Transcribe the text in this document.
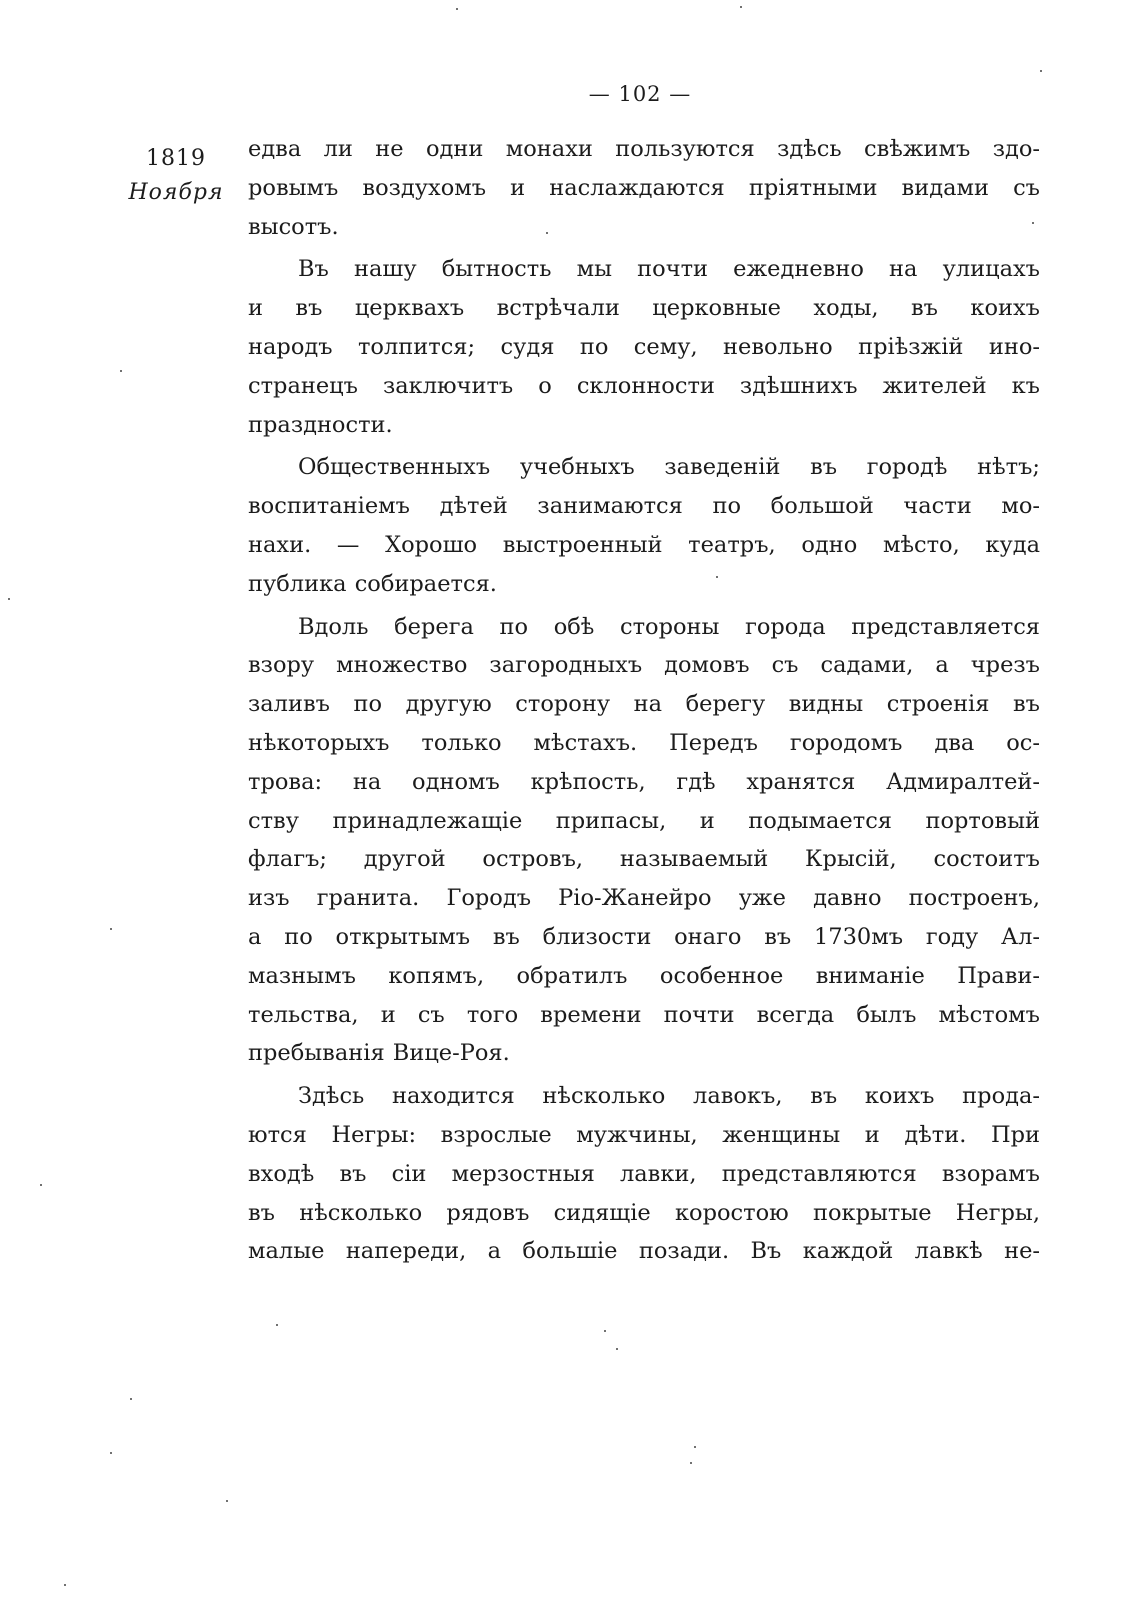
— 102 —
1819
Ноября
едва ли не одни монахи пользуются здѣсь свѣжимъ здо-
ровымъ воздухомъ и наслаждаются пріятными видами съ
высотъ.
Въ нашу бытность мы почти ежедневно на улицахъ
и въ церквахъ встрѣчали церковные ходы, въ коихъ
народъ толпится; судя по сему, невольно пріѣзжій ино-
странецъ заключитъ о склонности здѣшнихъ жителей къ
праздности.
Общественныхъ учебныхъ заведеній въ городѣ нѣтъ;
воспитаніемъ дѣтей занимаются по большой части мо-
нахи. — Хорошо выстроенный театръ, одно мѣсто, куда
публика собирается.
Вдоль берега по обѣ стороны города представляется
взору множество загородныхъ домовъ съ садами, а чрезъ
заливъ по другую сторону на берегу видны строенія въ
нѣкоторыхъ только мѣстахъ. Передъ городомъ два ос-
трова: на одномъ крѣпость, гдѣ хранятся Адмиралтей-
ству принадлежащіе припасы, и подымается портовый
флагъ; другой островъ, называемый Крысій, состоитъ
изъ гранита. Городъ Ріо-Жанейро уже давно построенъ,
а по открытымъ въ близости онаго въ 1730мъ году Ал-
мазнымъ копямъ, обратилъ особенное вниманіе Прави-
тельства, и съ того времени почти всегда былъ мѣстомъ
пребыванія Вице-Роя.
Здѣсь находится нѣсколько лавокъ, въ коихъ прода-
ются Негры: взрослые мужчины, женщины и дѣти. При
входѣ въ сіи мерзостныя лавки, представляются взорамъ
въ нѣсколько рядовъ сидящіе коростою покрытые Негры,
малые напереди, а большіе позади. Въ каждой лавкѣ не-
